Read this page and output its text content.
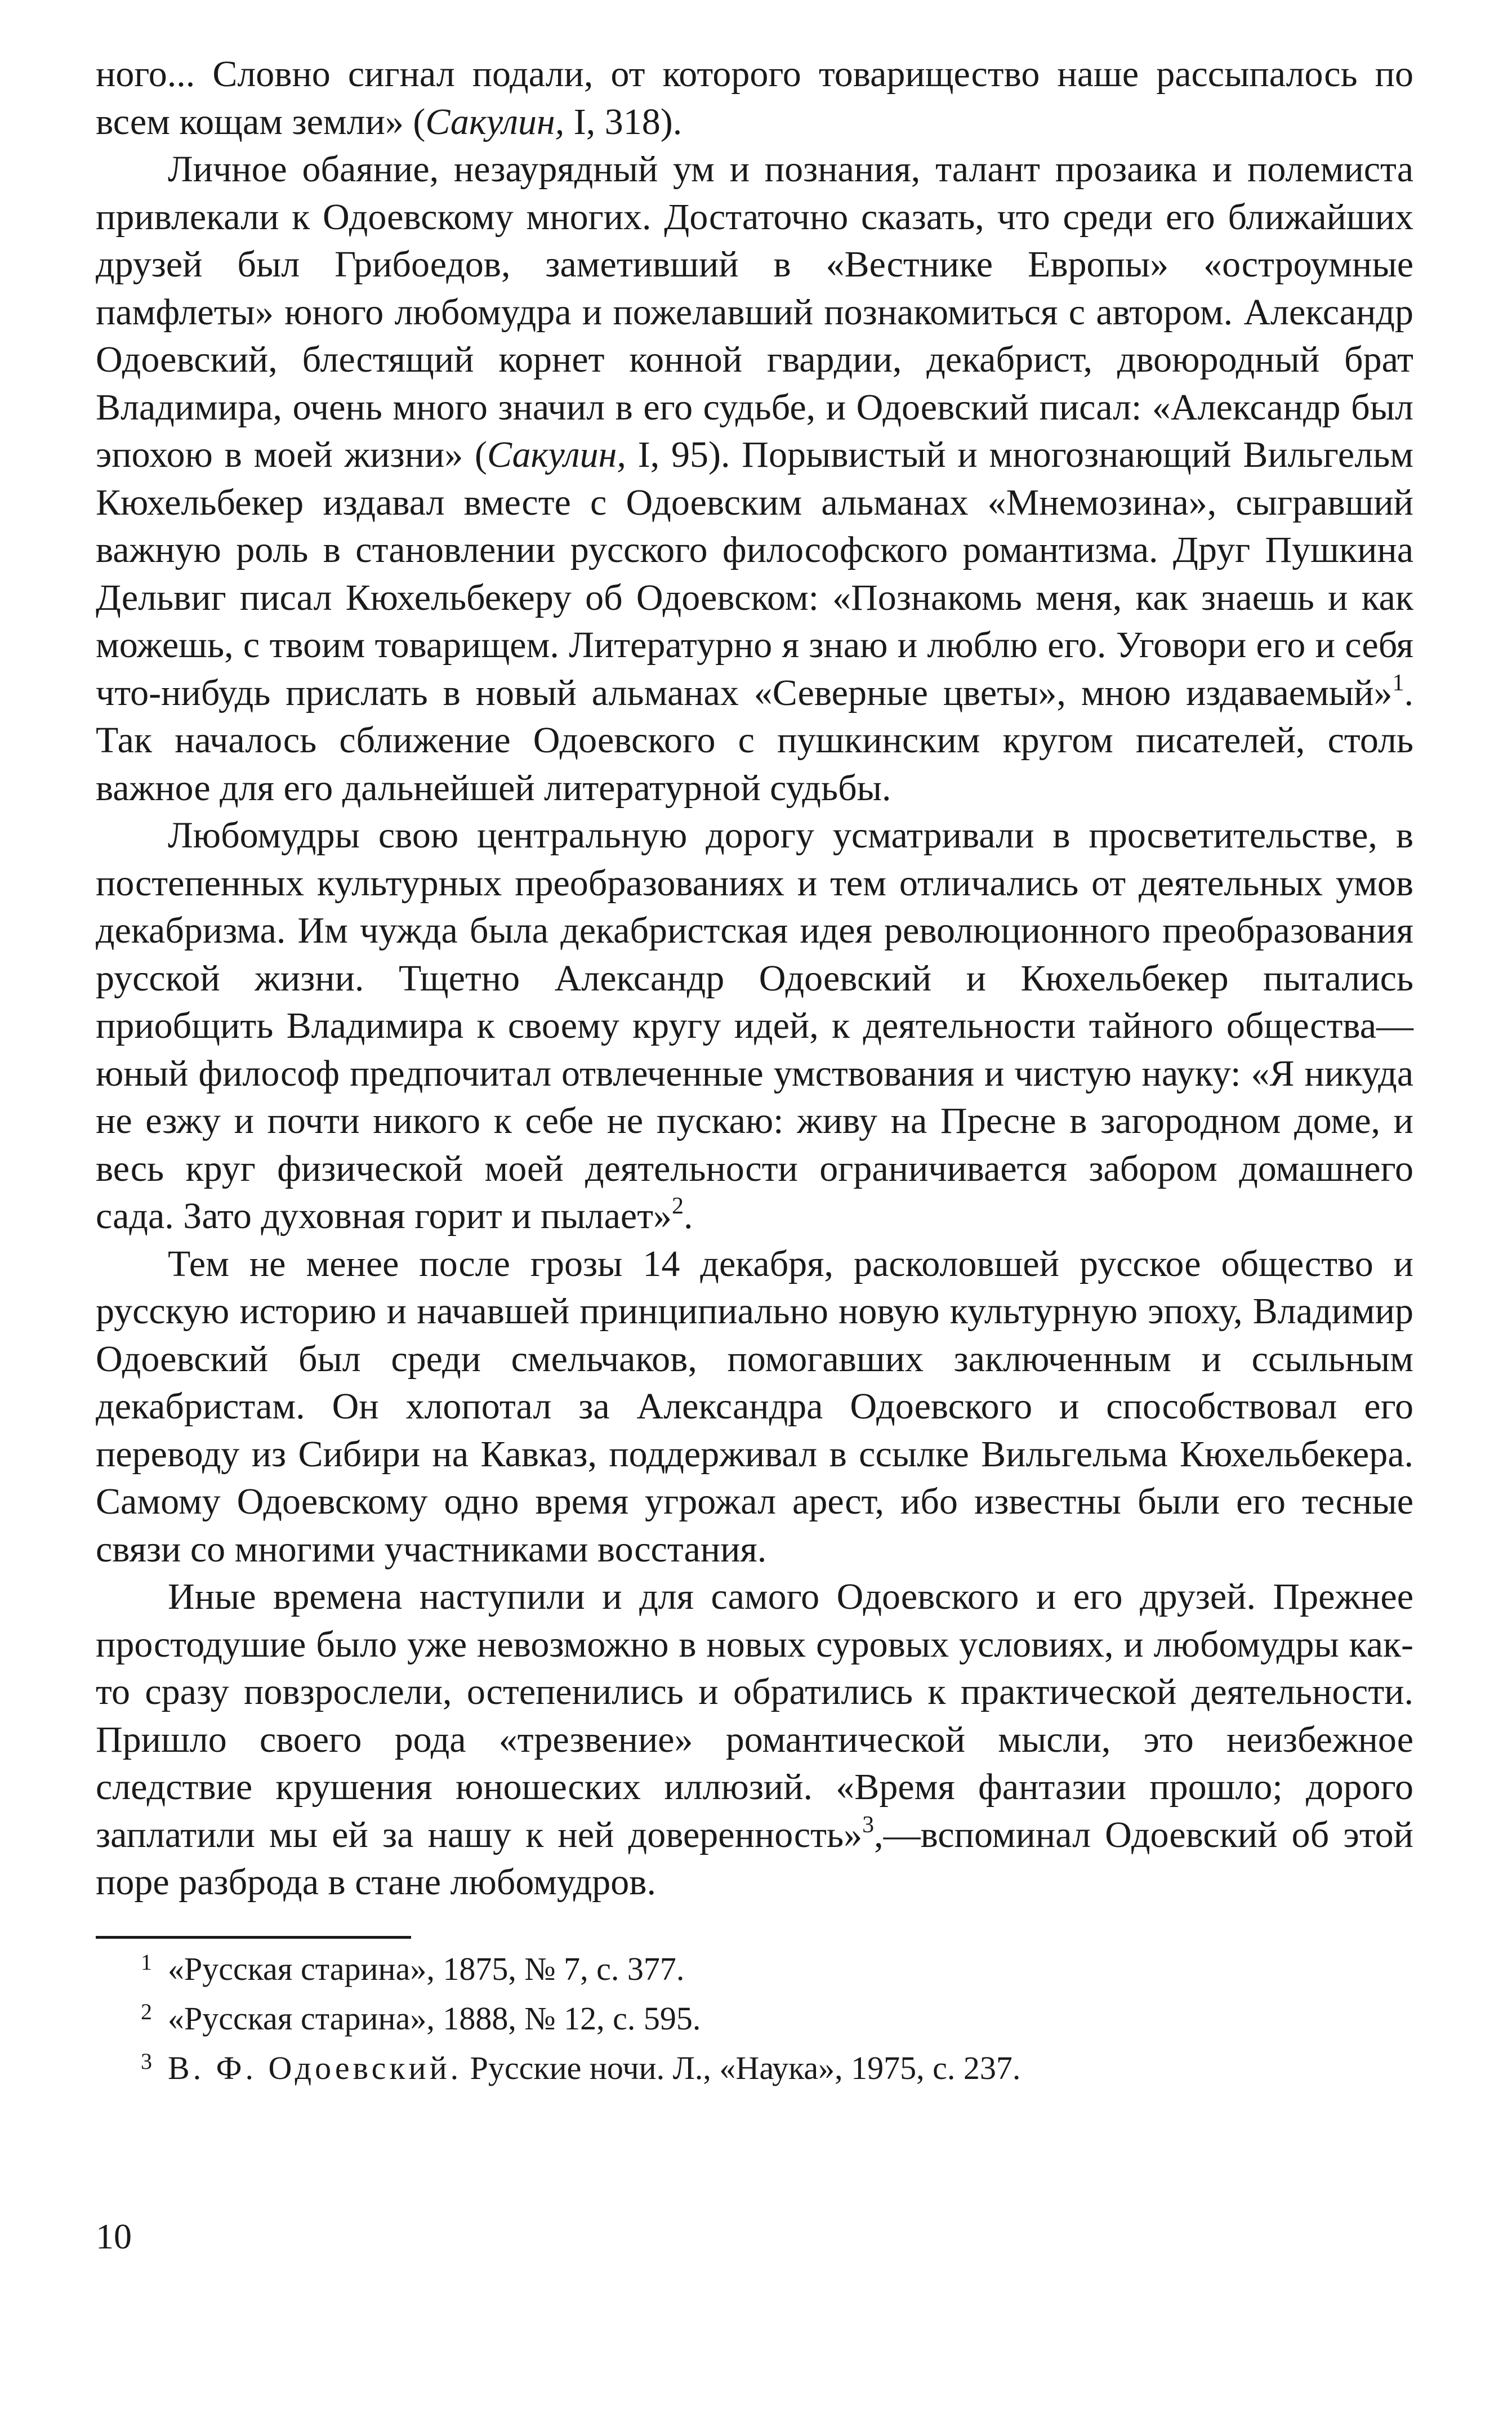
ного... Словно сигнал подали, от которого товарищество наше рассыпалось по всем кощам земли» (Сакулин, I, 318).

Личное обаяние, незаурядный ум и познания, талант прозаика и полемиста привлекали к Одоевскому многих. Достаточно сказать, что среди его ближайших друзей был Грибоедов, заметивший в «Вестнике Европы» «остроумные памфлеты» юного любомудра и пожелавший познакомиться с автором. Александр Одоевский, блестящий корнет конной гвардии, декабрист, двоюродный брат Владимира, очень много значил в его судьбе, и Одоевский писал: «Александр был эпохою в моей жизни» (Сакулин, I, 95). Порывистый и многознающий Вильгельм Кюхельбекер издавал вместе с Одоевским альманах «Мнемозина», сыгравший важную роль в становлении русского философского романтизма. Друг Пушкина Дельвиг писал Кюхельбекеру об Одоевском: «Познакомь меня, как знаешь и как можешь, с твоим товарищем. Литературно я знаю и люблю его. Уговори его и себя что-нибудь прислать в новый альманах «Северные цветы», мною издаваемый»$^1$. Так началось сближение Одоевского с пушкинским кругом писателей, столь важное для его дальнейшей литературной судьбы.

Любомудры свою центральную дорогу усматривали в просветительстве, в постепенных культурных преобразованиях и тем отличались от деятельных умов декабризма. Им чужда была декабристская идея революционного преобразования русской жизни. Тщетно Александр Одоевский и Кюхельбекер пытались приобщить Владимира к своему кругу идей, к деятельности тайного общества—юный философ предпочитал отвлеченные умствования и чистую науку: «Я никуда не езжу и почти никого к себе не пускаю: живу на Пресне в загородном доме, и весь круг физической моей деятельности ограничивается забором домашнего сада. Зато духовная горит и пылает»$^2$.

Тем не менее после грозы 14 декабря, расколовшей русское общество и русскую историю и начавшей принципиально новую культурную эпоху, Владимир Одоевский был среди смельчаков, помогавших заключенным и ссыльным декабристам. Он хлопотал за Александра Одоевского и способствовал его переводу из Сибири на Кавказ, поддерживал в ссылке Вильгельма Кюхельбекера. Самому Одоевскому одно время угрожал арест, ибо известны были его тесные связи со многими участниками восстания.

Иные времена наступили и для самого Одоевского и его друзей. Прежнее простодушие было уже невозможно в новых суровых условиях, и любомудры как-то сразу повзрослели, остепенились и обратились к практической деятельности. Пришло своего рода «трезвение» романтической мысли, это неизбежное следствие крушения юношеских иллюзий. «Время фантазии прошло; дорого заплатили мы ей за нашу к ней доверенность»$^3$,—вспоминал Одоевский об этой поре разброда в стане любомудров.

1 «Русская старина», 1875, № 7, с. 377.
2 «Русская старина», 1888, № 12, с. 595.
3 В. Ф. Одоевский. Русские ночи. Л., «Наука», 1975, с. 237.
10
